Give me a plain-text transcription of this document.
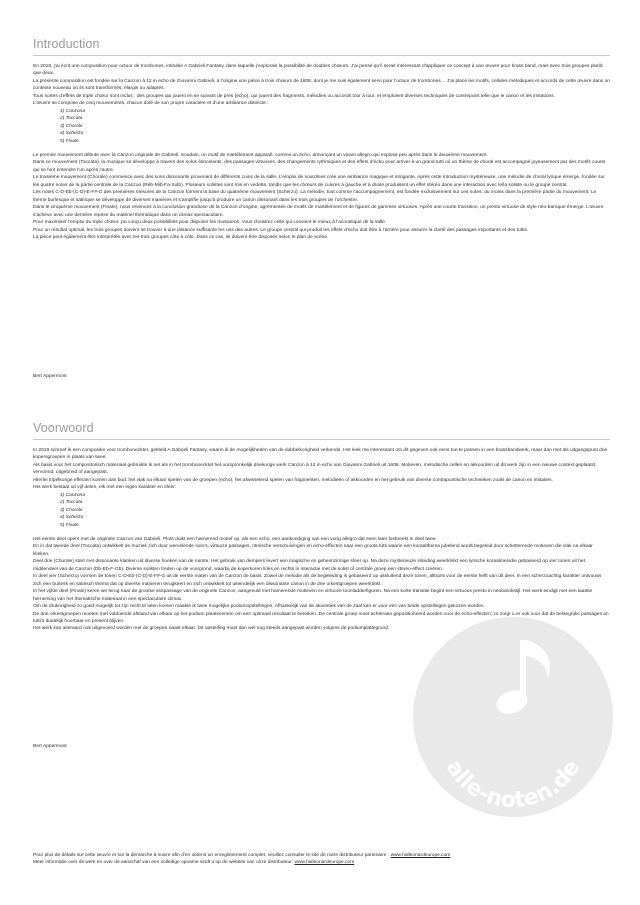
Introduction

En 2018, j’ai écrit une composition pour octuor de trombones, intitulée A Gabrieli Fantasy, dans laquelle j’explorais la possibilité de doubles chœurs. J’ai pensé qu’il serait intéressant d’appliquer ce concept à une œuvre pour brass band, mais avec trois groupes plutôt que deux.

La présente composition est fondée sur la Canzon à 12 in echo de Giovanni Gabrieli, à l’origine une pièce à trois chœurs de 1608, dont je me suis également servi pour l’octuor de trombones… J’ai placé les motifs, cellules mélodiques et accords de cette œuvre dans un contexte nouveau où ils sont transformés, élargis ou adaptés.

Tous sortes d’effets de triple chœur sont inclus : des groupes qui jouent en se suivant de près (écho), qui jouent des fragments, mélodies ou accords tour à tour, et emploient diverses techniques de contrepoint telle que le canon et les imitations.

L’œuvre se compose de cinq mouvements, chacun doté de son propre caractère et d’une ambiance distincte :

1) Canzona
2) Toccata
3) Chorale
4) Scherzo
5) Finale

Le premier mouvement débute avec la Canzon originale de Gabrieli. Soudain, un motif de martèlement apparaît, comme un écho, annonçant un vivant allegro qui explose peu après dans le deuxième mouvement.

Dans ce mouvement (Toccata), la musique se développe à travers des solos étincelants, des passages virtuoses, des changements rythmiques et des effets d’écho pour arriver à un grand tutti où un thème de choral est accompagné joyeusement par des motifs courts qui se font entendre l’un après l’autre.

Le troisième mouvement (Chorale) commence avec des sons dissonants provenant de différents coins de la salle. L’emploi de sourdines crée une ambiance magique et intrigante. Après cette introduction mystérieuse, une mélodie de choral lyrique émerge, fondée sur les quatre notes de la partie centrale de la Canzon (Réb-Mib-Fa-Solb). Plusieurs solistes sont mis en vedette, tandis que les chœurs de cuivres à gauche et à droite produisent un effet stéréo dans une interaction avec le/la soliste ou le groupe central.

Les notes C-D-Eb-(C-D)-E-F#-G des premières mesures de la Canzon forment la base du quatrième mouvement (Scherzo). La mélodie, tout comme l’accompagnement, est fondée exclusivement sur ces notes, du moins dans la première partie du mouvement. Le thème burlesque et satirique se développe de diverses manières et s’amplifie jusqu’à produire un canon dissonant dans les trois groupes de l’orchestre.

Dans le cinquième mouvement (Finale), nous revenons à la conclusion grandiose de la Canzon d’origine, agrémentée de motifs de martèlement et de figures de gammes virtuoses. Après une courte transition, un presto virtuose de style néo-baroque émerge. L’œuvre s’achève avec une dernière reprise du matériel thématique dans un climax spectaculaire.

Pour maximiser l’emploi du triple chœur, j’ai conçu deux possibilités pour disposer les musiciens. Vous choisirez celle qui convient le mieux à l’acoustique de la salle.

Pour un résultat optimal, les trois groupes doivent se trouver à une distance suffisante les uns des autres. Le groupe central qui produit les effets d’écho doit être à l’arrière pour assurer la clarté des passages importants et des tuttis.

La pièce peut également être interprétée avec les trois groupes côte à côte. Dans ce cas, ils doivent être disposés selon le plan de scène.

Bert Appermont
Voorwoord

In 2018 schreef ik een compositie voor trombonecktet, getiteld A Gabrieli Fantasy, waarin ik de mogelijkheden van de dubbelkorigheid verkende. Het leek me interessant om dit gegeven ook eens toe te passen in een brassbandwerk, maar dan met als uitgangspunt drie kopersgroepen in plaats van twee.

Als basis voor het compositorisch materiaal gebruikte ik net als in het trombonecktet het oorspronkelijk driekorige werk Canzon à 12 in echo van Giovanni Gabrieli uit 1608. Motieven, melodische cellen en akkoorden uit dit werk zijn in een nieuwe context geplaatst, vervormd, uitgebreid of aangepast.

Allerlei tripelkorige effecten komen aan bod: het vlak na elkaar spelen van de groepen (echo), het afwisselend spelen van fragmenten, melodieën of akkoorden en het gebruik van diverse contrapuntische technieken zoals de canon en imitaties.

Het werk bestaat uit vijf delen, elk met een eigen karakter en sfeer:

1) Canzona
2) Toccata
3) Chorale
4) Scherzo
5) Finale

Het eerste deel opent met de originele Canzon van Gabrieli. Plots duikt een hamerend motief op, als een echo, een aankondiging van een vurig allegro dat even later losbreekt in deel twee.

En in dat tweede deel (Toccata) ontwikkelt de muziek zich door wervelende solo’s, virtuoze passages, ritmische verschuivingen en echo-effecten naar een groots tutti waarin een koraalthema jubelend wordt begeleid door schetterende motieven die vlak na elkaar klinken.

Deel drie (Chorale) start met dissonante klanken uit diverse hoeken van de ruimte. Het gebruik van dempers levert een magische en geheimzinnige sfeer op. Na deze mysterieuze inleiding weerklinkt een lyrische koraalmelodie gebaseerd op vier tonen uit het middendeel van de Canzon (Db-Eb-F-Gb). Diverse solisten treden op de voorgrond, waarbij de koperkoren links en rechts in interactie met de solist of centrale groep een stereo-effect creëren.

In deel vier (Scherzo) vormen de tonen C-D-Eb-(C-D)-E-F#-G uit de eerste maten van de Canzon de basis. Zowel de melodie als de begeleiding is gebaseerd op uitsluitend deze tonen, althans voor de eerste helft van dit deel. In een scherzoachtig karakter ontvouwt zich een burlesk en satirisch thema dat op diverse manieren terugkeert en zich ontwikkelt tot uiteindelijk een dissonante canon in de drie orkestgroepen weerklinkt.

In het vijfde deel (Finale) keren we terug naar de grootse slotpassage van de originele Canzon, aangevuld met hamerende motieven en virtuoze toonladderfiguren. Na een korte transitie begint een virtuoos presto in neobarokstijl. Het werk eindigt met een laatste herneming van het thematische materiaal in een spectaculaire climax.

Om de drukorigheid zo goed mogelijk tot zijn recht te laten komen maakte ik twee mogelijke podiumopstellingen. Afhankelijk van de akoestiek van de zaal kan er voor een van beide opstellingen gekozen worden.

De drie orkestgroepen moeten met voldoende afstand van elkaar op het podium plaatsnemen om een optimaal resultaat te bereiken. De centrale groep moet achteraan gepositioneerd worden voor de echo-effecten; zo zorgt u er ook voor dat de belangrijke passages en tutti’s duidelijk hoorbaar en present blijven.

Het werk kan uiteraard ook uitgevoerd worden met de groepen naast elkaar. Dit opstelling moet dan wel nog steeds aangepast worden volgens de podiumplattegrond.

Bert Appermont
alle-noten.de
Pour plus de détails sur cette œuvre et sur la démarche à suivre afin d’en obtenir un enregistrement complet, veuillez consulter le site de notre distributeur partenaire : www.halleonardeurope.com
Meer informatie over dit werk en over de aanschaf van een volledige opname vindt u op de website van onze distributeur: www.halleonardeurope.com
